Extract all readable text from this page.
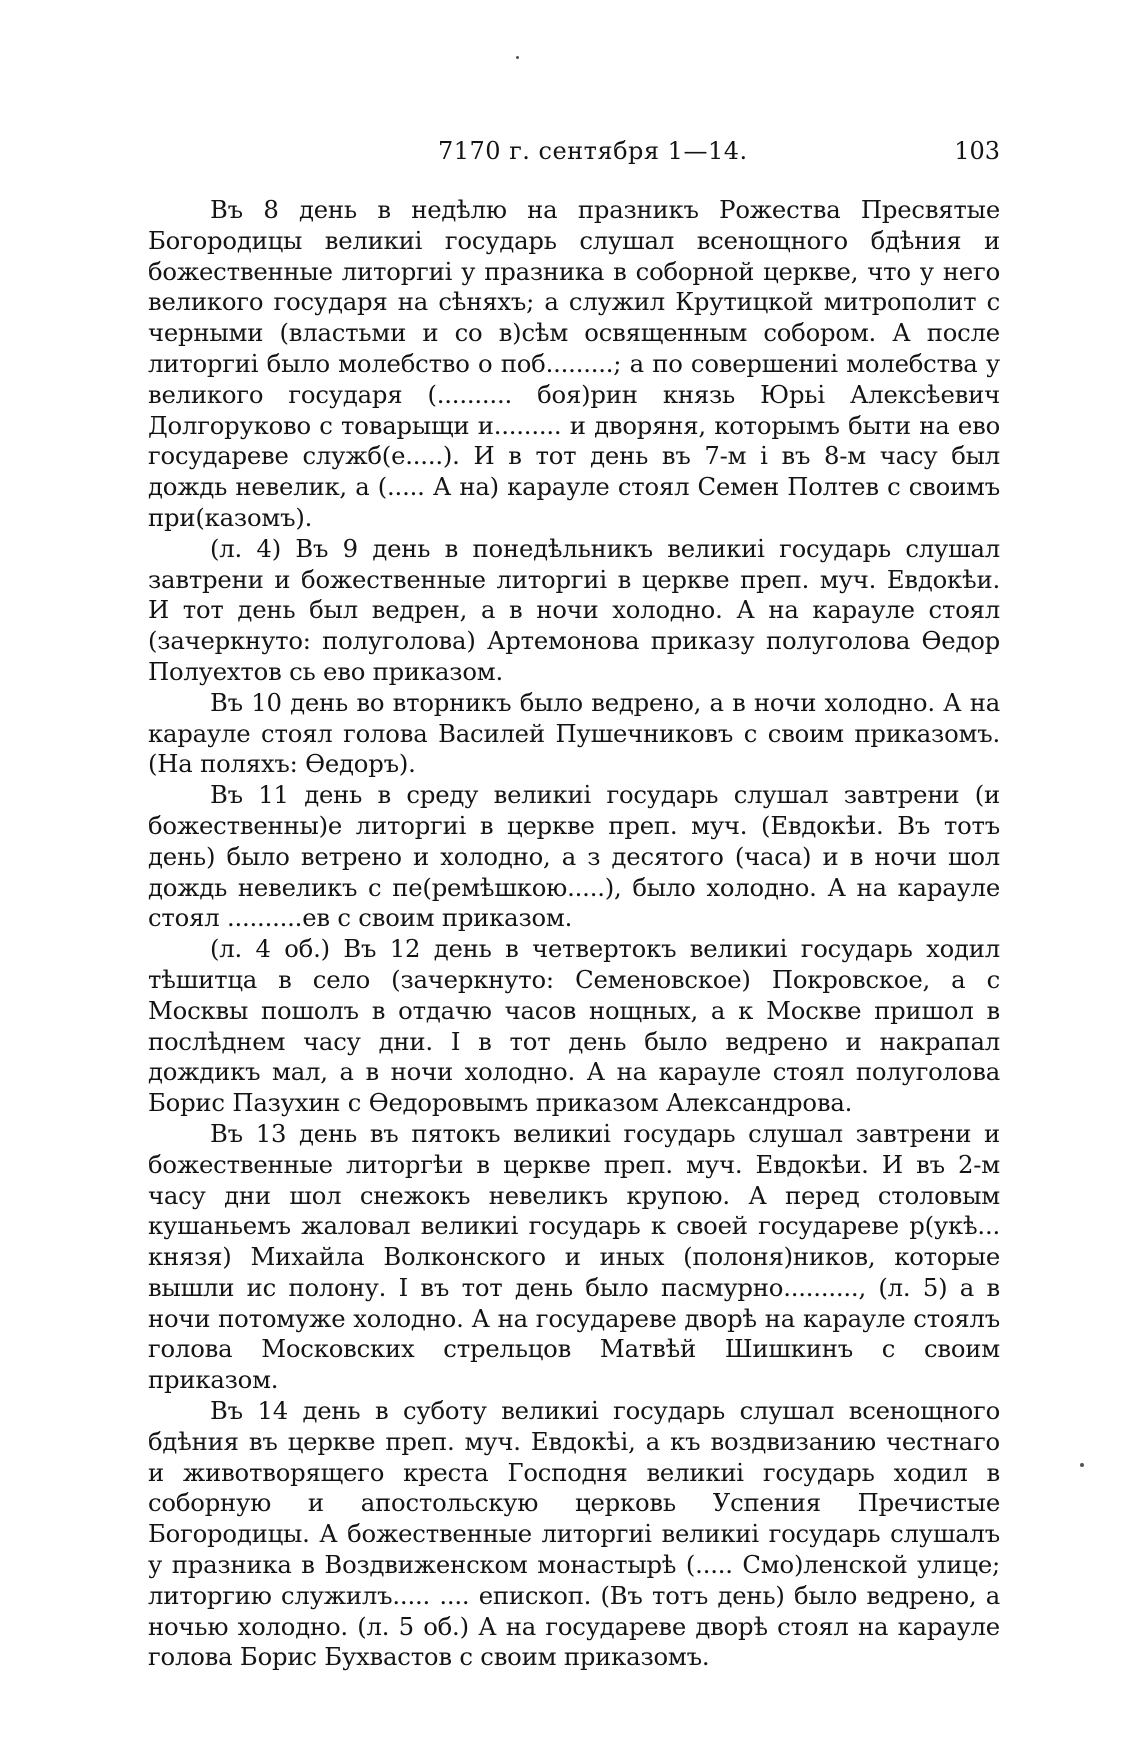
7170 г. сентября 1—14.	103

Въ 8 день в недѣлю на празникъ Рожества Пресвятые Богородицы великиі государь слушал всенощного бдѣния и божественные литоргиі у празника в соборной церкве, что у него великого государя на сѣняхъ; а служил Крутицкой митрополит с черными (властьми и со в)сѣм освященным собором. А после литоргиі было молебство о поб.........; а по совершениі молебства у великого государя (.......... боя)рин князь Юрьі Алексѣевич Долгоруково с товарыщи и......... и дворяня, которымъ быти на ево государеве служб(е.....). И в тот день въ 7-м і въ 8-м часу был дождь невелик, а (..... А на) карауле стоял Семен Полтев с своимъ при(казомъ).

(л. 4) Въ 9 день в понедѣльникъ великиі государь слушал завтрени и божественные литоргиі в церкве преп. муч. Евдокѣи. И тот день был ведрен, а в ночи холодно. А на карауле стоял (зачеркнуто: полуголова) Артемонова приказу полуголова Өедор Полуехтов сь ево приказом.

Въ 10 день во вторникъ было ведрено, а в ночи холодно. А на карауле стоял голова Василей Пушечниковъ с своим приказомъ. (На поляхъ: Өедоръ).

Въ 11 день в среду великиі государь слушал завтрени (и божественны)е литоргиі в церкве преп. муч. (Евдокѣи. Въ тотъ день) было ветрено и холодно, а з десятого (часа) и в ночи шол дождь невеликъ с пе(ремѣшкою.....), было холодно. А на карауле стоял ..........ев с своим приказом.

(л. 4 об.) Въ 12 день в четвертокъ великиі государь ходил тѣшитца в село (зачеркнуто: Семеновское) Покровское, а с Москвы пошолъ в отдачю часов нощных, а к Москве пришол в послѣднем часу дни. І в тот день было ведрено и накрапал дождикъ мал, а в ночи холодно. А на карауле стоял полуголова Борис Пазухин с Өедоровымъ приказом Александрова.

Въ 13 день въ пятокъ великиі государь слушал завтрени и божественные литоргѣи в церкве преп. муч. Евдокѣи. И въ 2-м часу дни шол снежокъ невеликъ крупою. А перед столовым кушаньемъ жаловал великиі государь к своей государеве р(укѣ... князя) Михайла Волконского и иных (полоня)ников, которые вышли ис полону. І въ тот день было пасмурно.........., (л. 5) а в ночи потомуже холодно. А на государеве дворѣ на карауле стоялъ голова Московских стрельцов Матвѣй Шишкинъ с своим приказом.

Въ 14 день в суботу великиі государь слушал всенощного бдѣния въ церкве преп. муч. Евдокѣі, а къ воздвизанию честнаго и животворящего креста Господня великиі государь ходил в соборную и апостольскую церковь Успения Пречистые Богородицы. А божественные литоргиі великиі государь слушалъ у празника в Воздвиженском монастырѣ (..... Смо)ленской улице; литоргию служилъ..... .... епископ. (Въ тотъ день) было ведрено, а ночью холодно. (л. 5 об.) А на государеве дворѣ стоял на карауле голова Борис Бухвастов с своим приказомъ.
